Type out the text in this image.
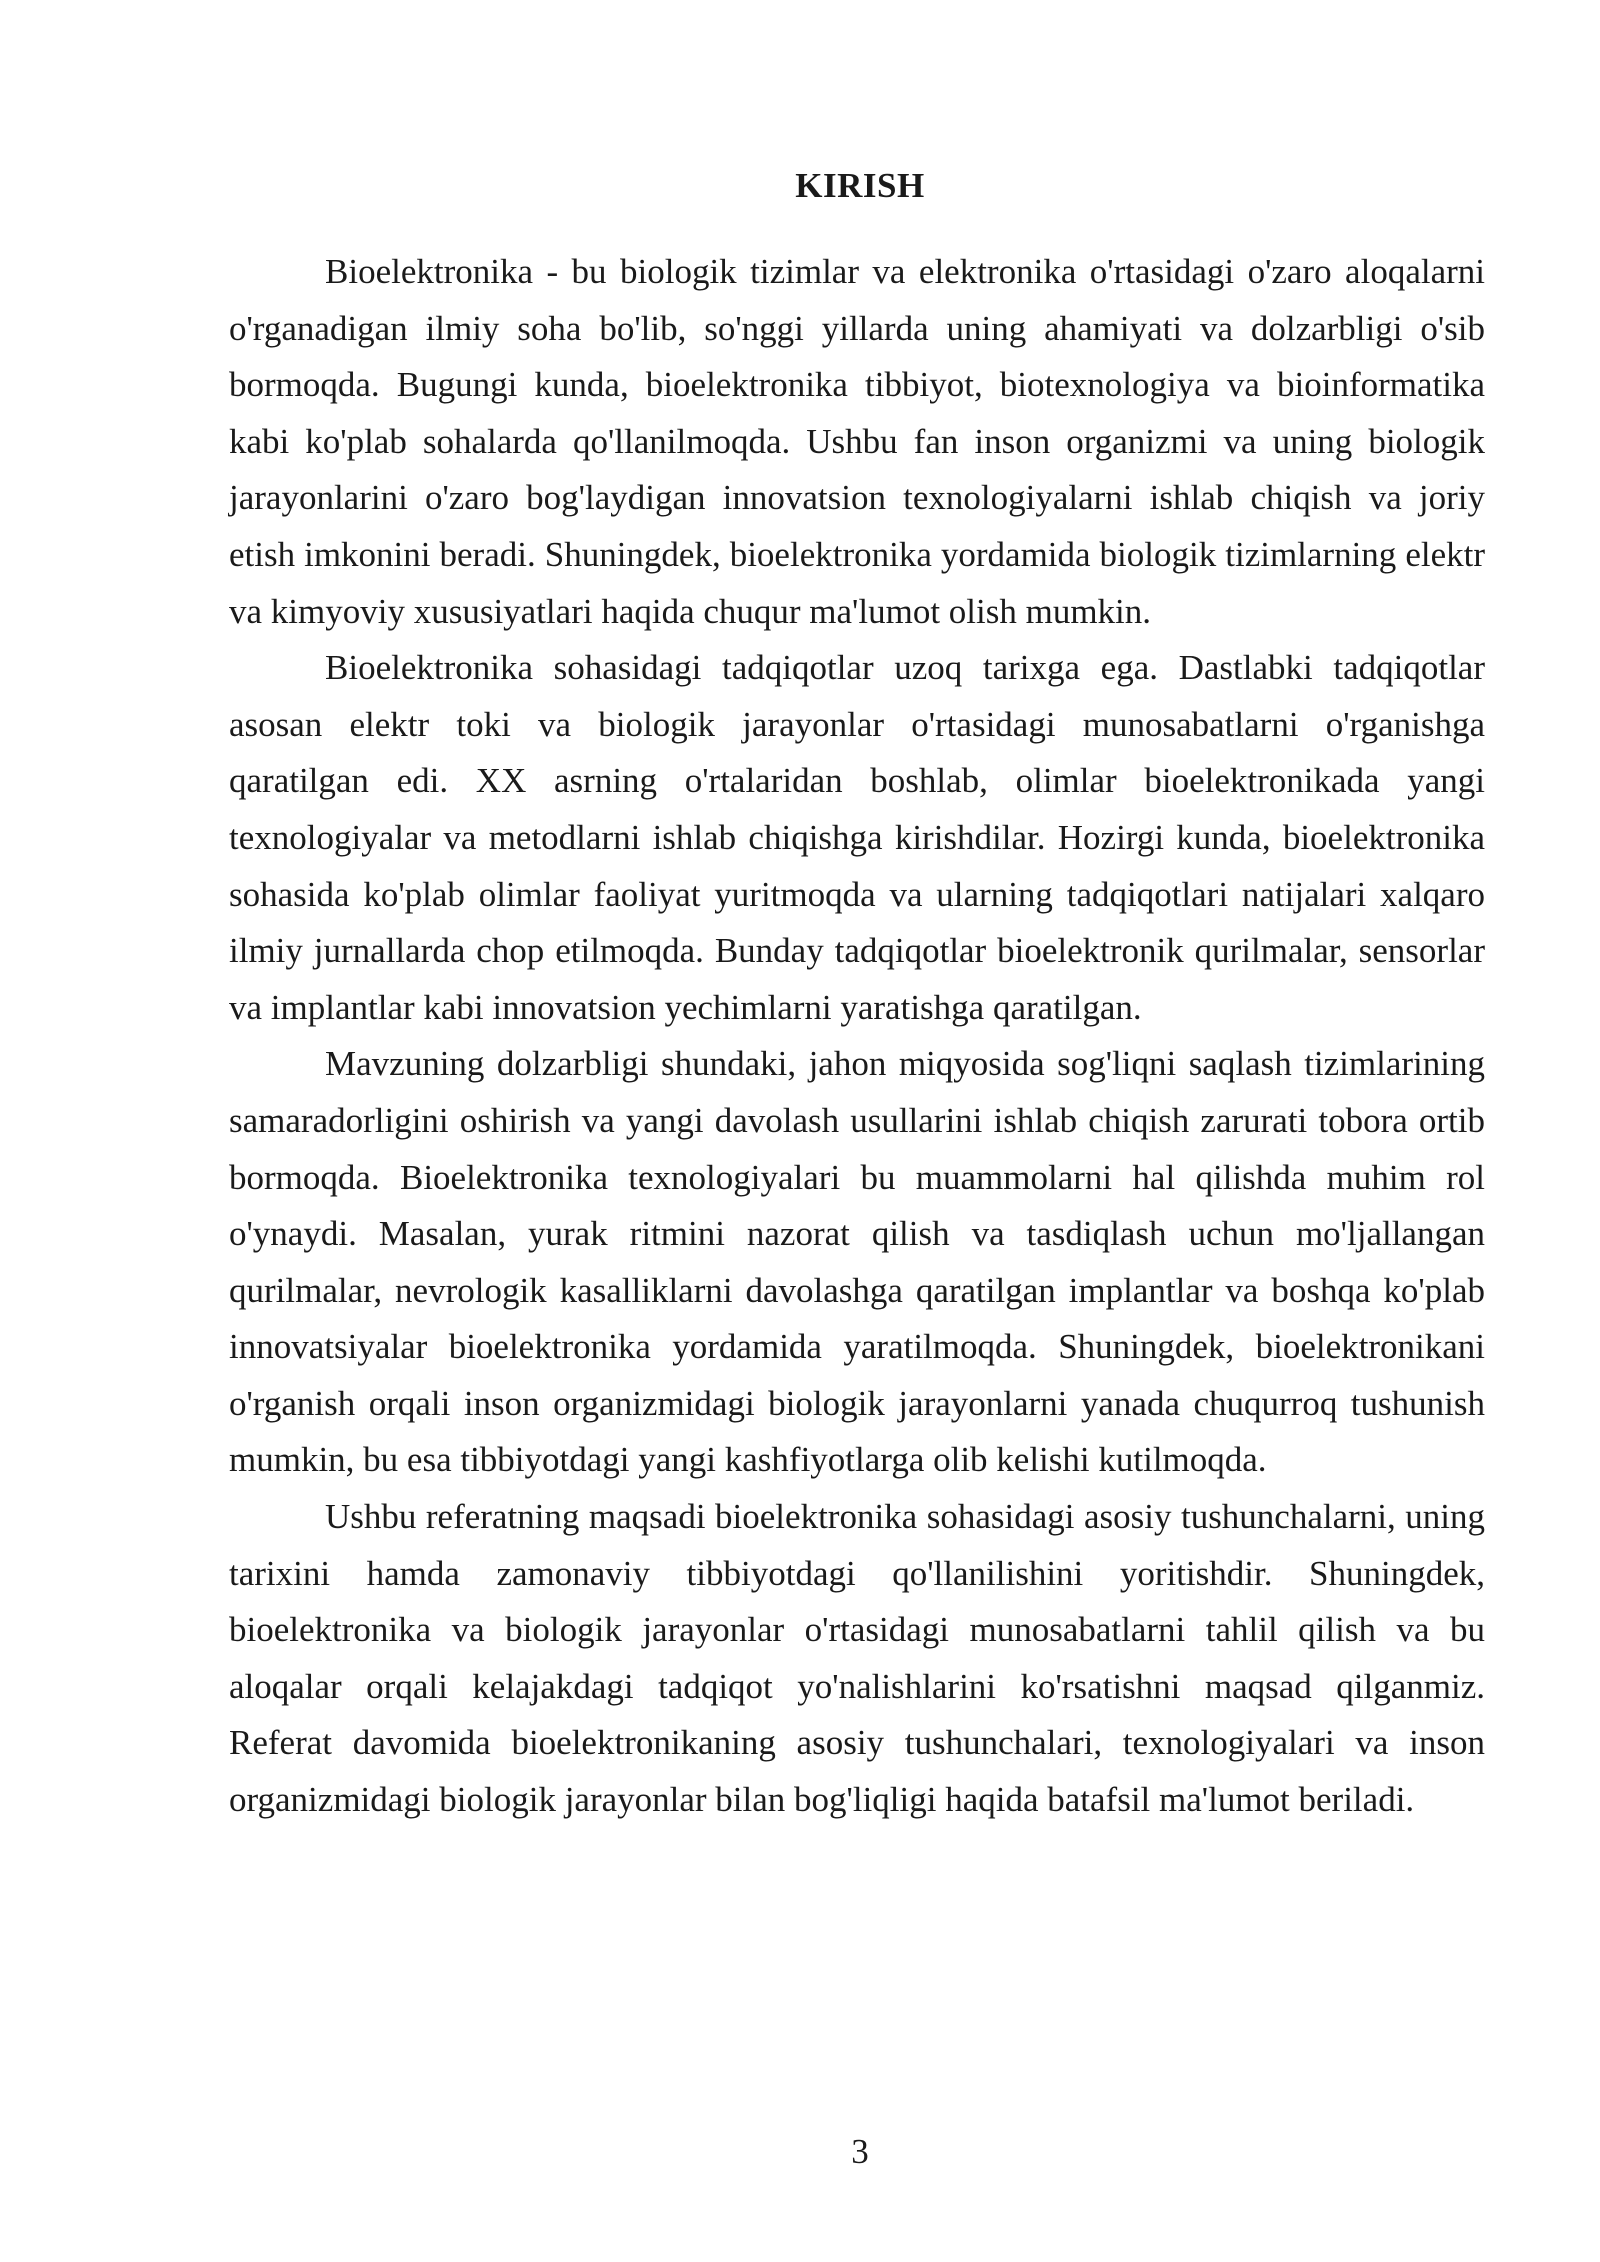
KIRISH

Bioelektronika - bu biologik tizimlar va elektronika o'rtasidagi o'zaro aloqalarni o'rganadigan ilmiy soha bo'lib, so'nggi yillarda uning ahamiyati va dolzarbligi o'sib bormoqda. Bugungi kunda, bioelektronika tibbiyot, biotexnologiya va bioinformatika kabi ko'plab sohalarda qo'llanilmoqda. Ushbu fan inson organizmi va uning biologik jarayonlarini o'zaro bog'laydigan innovatsion texnologiyalarni ishlab chiqish va joriy etish imkonini beradi. Shuningdek, bioelektronika yordamida biologik tizimlarning elektr va kimyoviy xususiyatlari haqida chuqur ma'lumot olish mumkin.

Bioelektronika sohasidagi tadqiqotlar uzoq tarixga ega. Dastlabki tadqiqotlar asosan elektr toki va biologik jarayonlar o'rtasidagi munosabatlarni o'rganishga qaratilgan edi. XX asrning o'rtalaridan boshlab, olimlar bioelektronikada yangi texnologiyalar va metodlarni ishlab chiqishga kirishdilar. Hozirgi kunda, bioelektronika sohasida ko'plab olimlar faoliyat yuritmoqda va ularning tadqiqotlari natijalari xalqaro ilmiy jurnallarda chop etilmoqda. Bunday tadqiqotlar bioelektronik qurilmalar, sensorlar va implantlar kabi innovatsion yechimlarni yaratishga qaratilgan.

Mavzuning dolzarbligi shundaki, jahon miqyosida sog'liqni saqlash tizimlarining samaradorligini oshirish va yangi davolash usullarini ishlab chiqish zarurati tobora ortib bormoqda. Bioelektronika texnologiyalari bu muammolarni hal qilishda muhim rol o'ynaydi. Masalan, yurak ritmini nazorat qilish va tasdiqlash uchun mo'ljallangan qurilmalar, nevrologik kasalliklarni davolashga qaratilgan implantlar va boshqa ko'plab innovatsiyalar bioelektronika yordamida yaratilmoqda. Shuningdek, bioelektronikani o'rganish orqali inson organizmidagi biologik jarayonlarni yanada chuqurroq tushunish mumkin, bu esa tibbiyotdagi yangi kashfiyotlarga olib kelishi kutilmoqda.

Ushbu referatning maqsadi bioelektronika sohasidagi asosiy tushunchalarni, uning tarixini hamda zamonaviy tibbiyotdagi qo'llanilishini yoritishdir. Shuningdek, bioelektronika va biologik jarayonlar o'rtasidagi munosabatlarni tahlil qilish va bu aloqalar orqali kelajakdagi tadqiqot yo'nalishlarini ko'rsatishni maqsad qilganmiz. Referat davomida bioelektronikaning asosiy tushunchalari, texnologiyalari va inson organizmidagi biologik jarayonlar bilan bog'liqligi haqida batafsil ma'lumot beriladi.

3
